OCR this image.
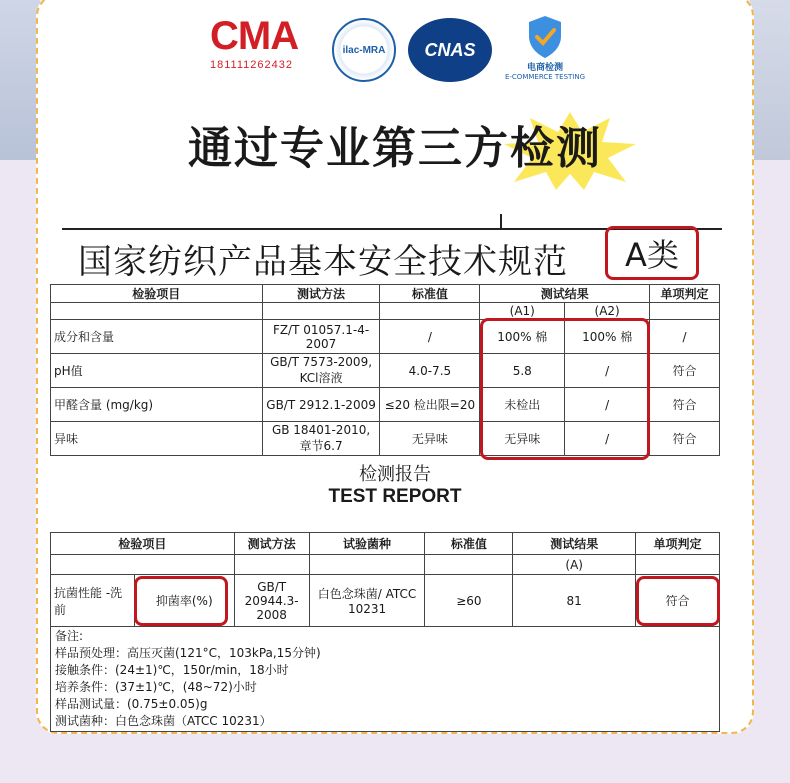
CMA
181111262432
ilac-MRA CNAS
电商检测
E-COMMERCE TESTING
通过专业第三方检测
国家纺织产品基本安全技术规范 A类
检验项目	测试方法	标准值	测试结果		单项判定
			(A1)	(A2)	
成分和含量	FZ/T 01057.1-4-2007	/	100% 棉	100% 棉	/
pH值	GB/T 7573-2009, KCl溶液	4.0-7.5	5.8	/	符合
甲醛含量 (mg/kg)	GB/T 2912.1-2009	≤20 检出限=20	未检出	/	符合
异味	GB 18401-2010, 章节6.7	无异味	无异味	/	符合
检测报告
TEST REPORT
检验项目		测试方法	试验菌种	标准值	测试结果	单项判定
					(A)	
抗菌性能 -洗前	抑菌率(%)	GB/T 20944.3-2008	白色念珠菌/ ATCC 10231	≥60	81	符合
备注:
样品预处理：高压灭菌(121°C，103kPa,15分钟)
接触条件：(24±1)℃，150r/min，18小时
培养条件：(37±1)℃，(48~72)小时
样品测试量：(0.75±0.05)g
测试菌种：白色念珠菌（ATCC 10231）
